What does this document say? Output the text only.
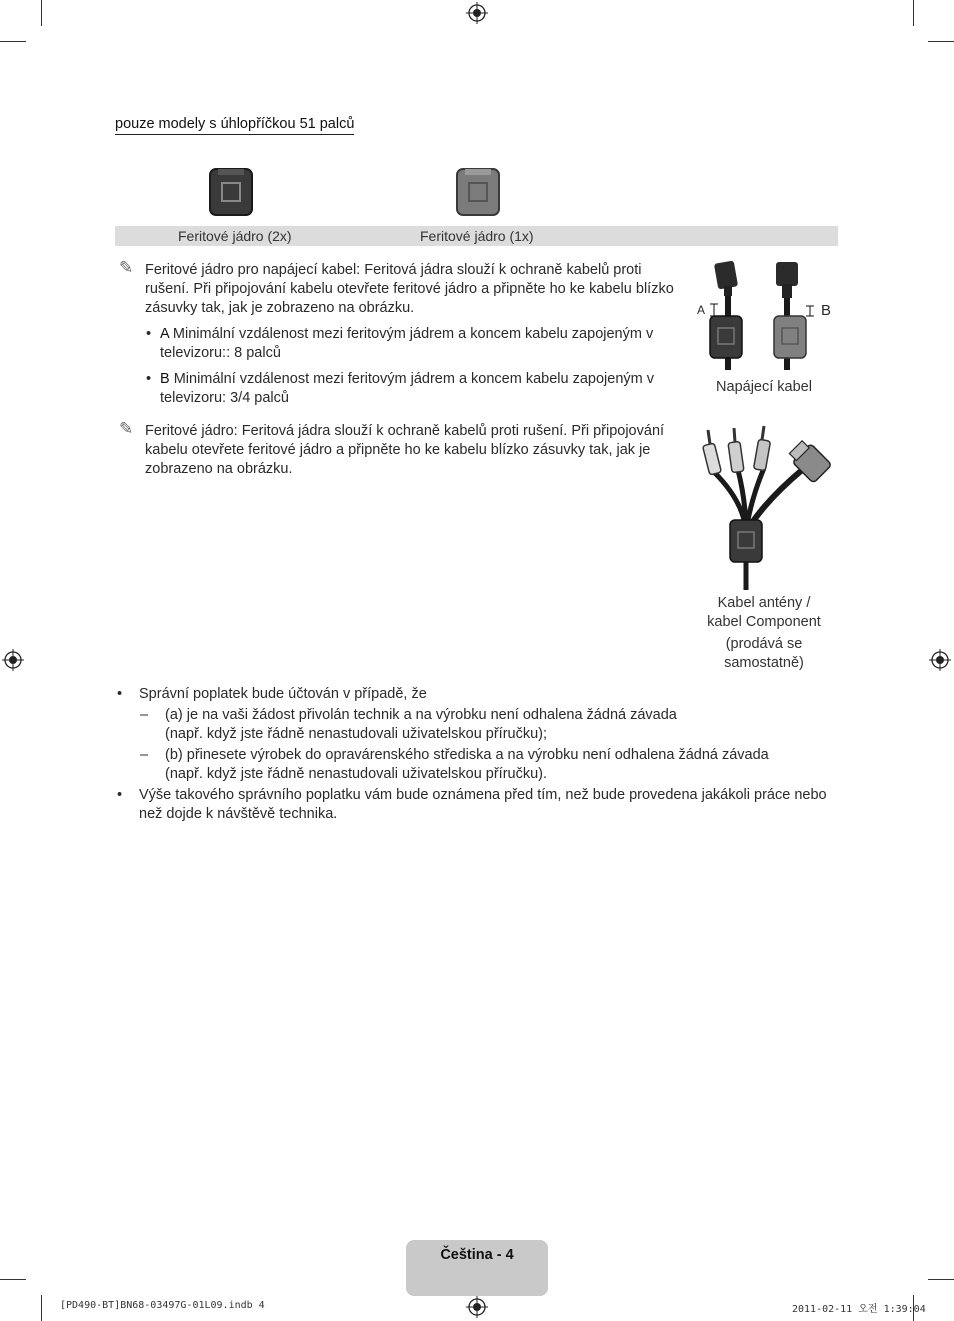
pouze modely s úhlopříčkou 51 palců
Feritové jádro (2x)	Feritové jádro (1x)
✎ Feritové jádro pro napájecí kabel: Feritová jádra slouží k ochraně kabelů proti
rušení. Při připojování kabelu otevřete feritové jádro a připněte ho ke kabelu blízko
zásuvky tak, jak je zobrazeno na obrázku.
• A Minimální vzdálenost mezi feritovým jádrem a koncem kabelu zapojeným v
televizoru:: 8 palců
• B Minimální vzdálenost mezi feritovým jádrem a koncem kabelu zapojeným v
televizoru: 3/4 palců
✎ Feritové jádro: Feritová jádra slouží k ochraně kabelů proti rušení. Při připojování
kabelu otevřete feritové jádro a připněte ho ke kabelu blízko zásuvky tak, jak je
zobrazeno na obrázku.
A	B
Napájecí kabel
Kabel antény /
kabel Component
(prodává se
samostatně)
• Správní poplatek bude účtován v případě, že
– (a) je na vaši žádost přivolán technik a na výrobku není odhalena žádná závada
(např. když jste řádně nenastudovali uživatelskou příručku);
– (b) přinesete výrobek do opravárenského střediska a na výrobku není odhalena žádná závada
(např. když jste řádně nenastudovali uživatelskou příručku).
• Výše takového správního poplatku vám bude oznámena před tím, než bude provedena jakákoli práce nebo
než dojde k návštěvě technika.
Čeština - 4
[PD490-BT]BN68-03497G-01L09.indb 4	2011-02-11 오전 1:39:04
